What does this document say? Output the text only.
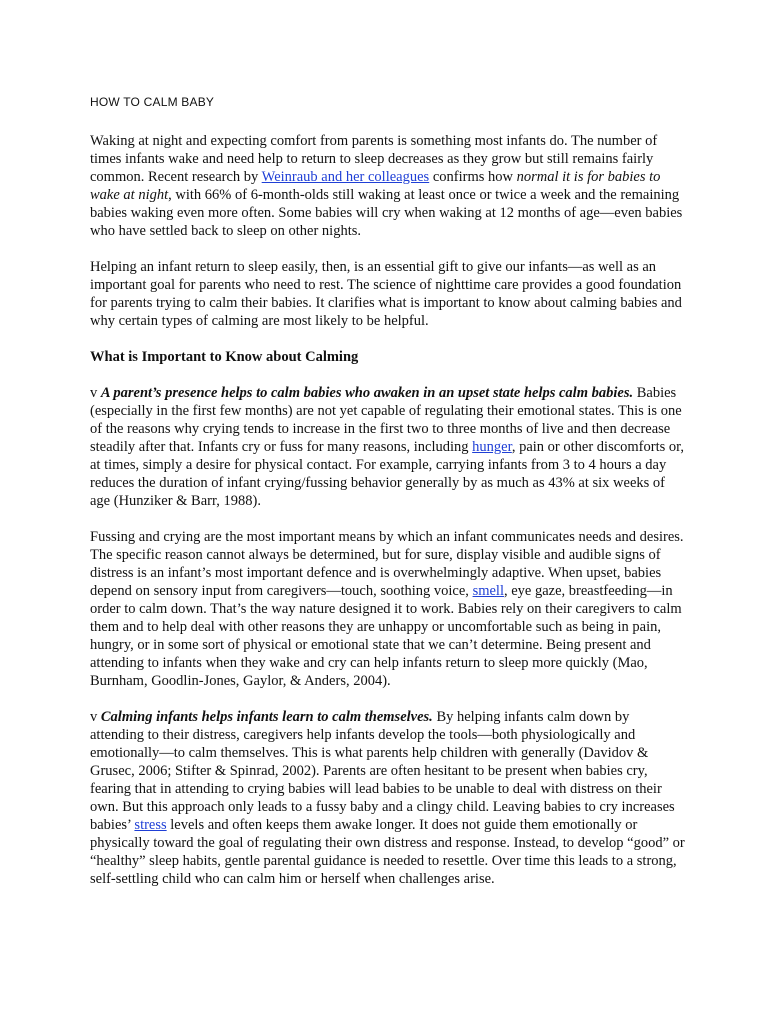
HOW TO CALM BABY

Waking at night and expecting comfort from parents is something most infants do. The number of times infants wake and need help to return to sleep decreases as they grow but still remains fairly common. Recent research by Weinraub and her colleagues confirms how normal it is for babies to wake at night, with 66% of 6-month-olds still waking at least once or twice a week and the remaining babies waking even more often. Some babies will cry when waking at 12 months of age—even babies who have settled back to sleep on other nights.

Helping an infant return to sleep easily, then, is an essential gift to give our infants—as well as an important goal for parents who need to rest. The science of nighttime care provides a good foundation for parents trying to calm their babies. It clarifies what is important to know about calming babies and why certain types of calming are most likely to be helpful.

What is Important to Know about Calming

v A parent’s presence helps to calm babies who awaken in an upset state helps calm babies. Babies (especially in the first few months) are not yet capable of regulating their emotional states. This is one of the reasons why crying tends to increase in the first two to three months of live and then decrease steadily after that. Infants cry or fuss for many reasons, including hunger, pain or other discomforts or, at times, simply a desire for physical contact. For example, carrying infants from 3 to 4 hours a day reduces the duration of infant crying/fussing behavior generally by as much as 43% at six weeks of age (Hunziker & Barr, 1988).

Fussing and crying are the most important means by which an infant communicates needs and desires. The specific reason cannot always be determined, but for sure, display visible and audible signs of distress is an infant’s most important defence and is overwhelmingly adaptive. When upset, babies depend on sensory input from caregivers—touch, soothing voice, smell, eye gaze, breastfeeding—in order to calm down. That’s the way nature designed it to work. Babies rely on their caregivers to calm them and to help deal with other reasons they are unhappy or uncomfortable such as being in pain, hungry, or in some sort of physical or emotional state that we can’t determine. Being present and attending to infants when they wake and cry can help infants return to sleep more quickly (Mao, Burnham, Goodlin-Jones, Gaylor, & Anders, 2004).

v Calming infants helps infants learn to calm themselves. By helping infants calm down by attending to their distress, caregivers help infants develop the tools—both physiologically and emotionally—to calm themselves. This is what parents help children with generally (Davidov & Grusec, 2006; Stifter & Spinrad, 2002). Parents are often hesitant to be present when babies cry, fearing that in attending to crying babies will lead babies to be unable to deal with distress on their own. But this approach only leads to a fussy baby and a clingy child. Leaving babies to cry increases babies’ stress levels and often keeps them awake longer. It does not guide them emotionally or physically toward the goal of regulating their own distress and response. Instead, to develop “good” or “healthy” sleep habits, gentle parental guidance is needed to resettle. Over time this leads to a strong, self-settling child who can calm him or herself when challenges arise.
